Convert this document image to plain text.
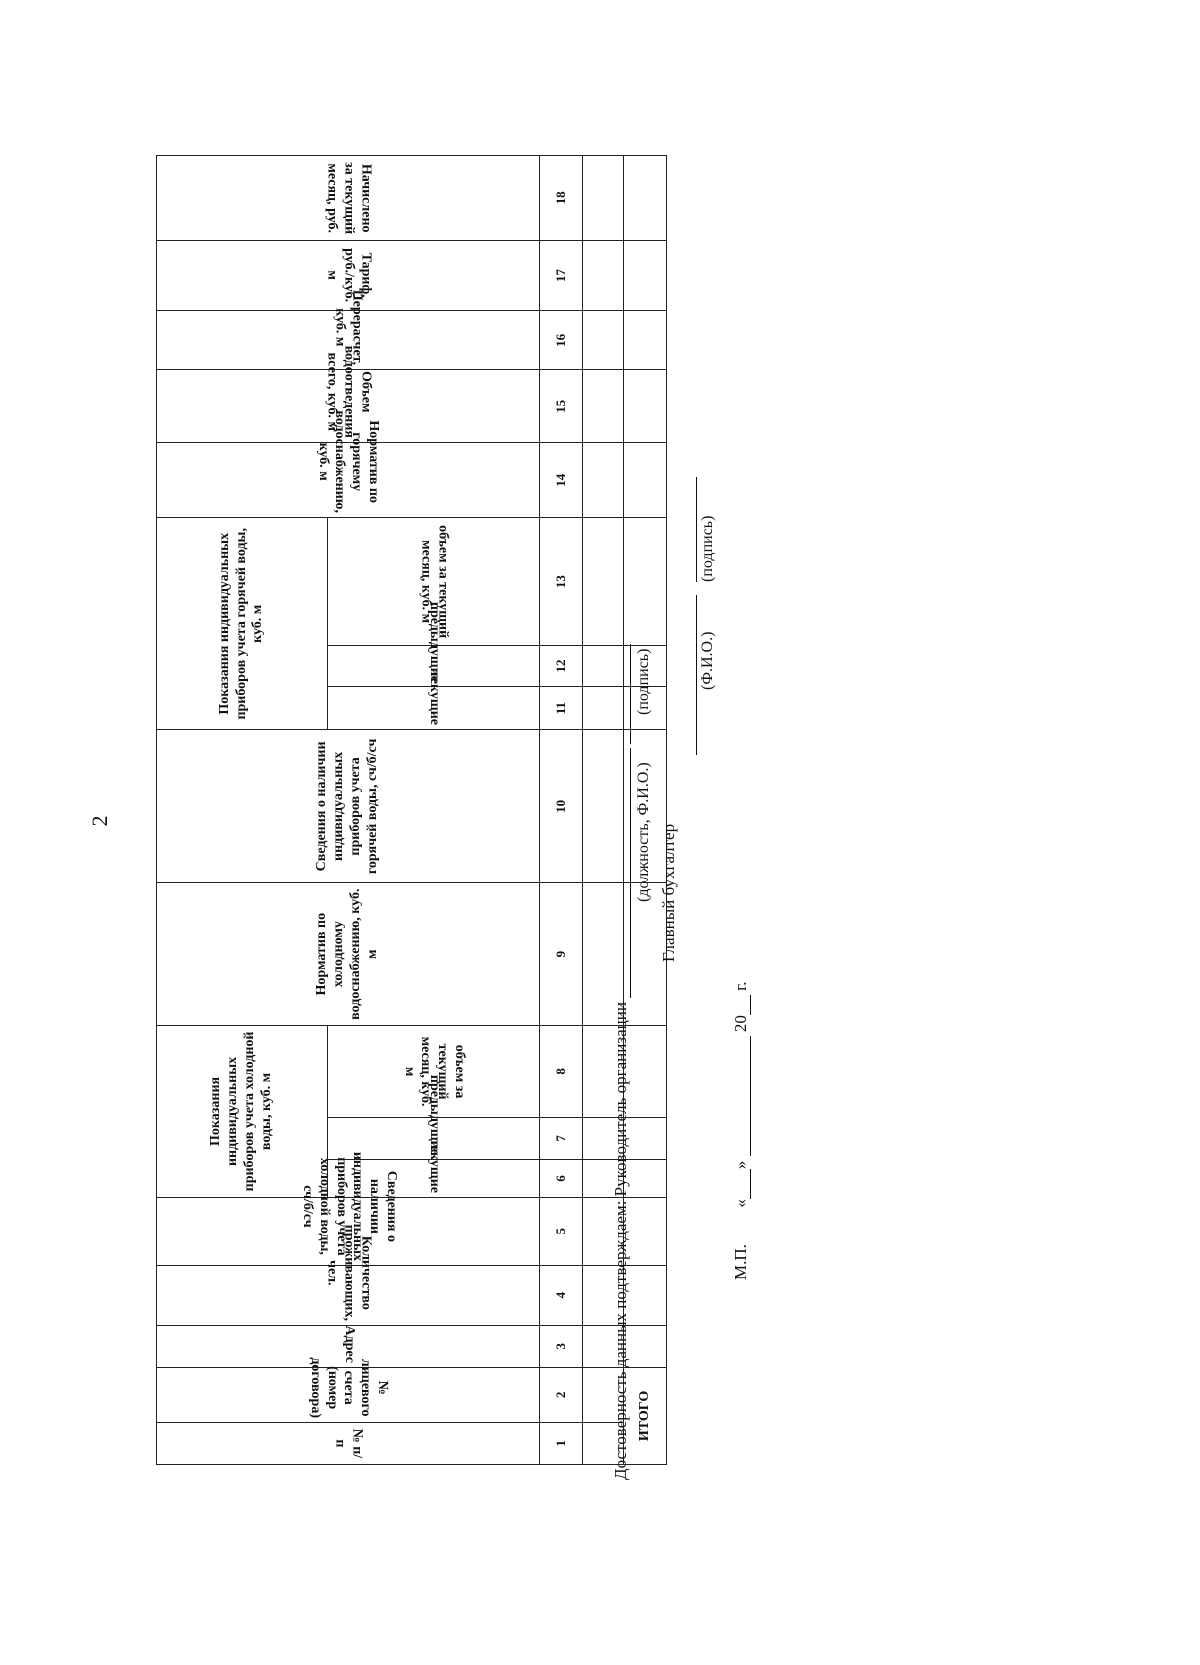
2
№ п/п	№ лицевого счета (номер договора)	Адрес	Количество проживающих, чел.	Сведения о наличии индивидуальных приборов учета холодной воды, сч/б/сч	Показания индивидуальных приборов учета холодной воды, куб. м			Норматив по холодному водоснабжению, куб. м	Сведения о наличии индивидуальных приборов учета горячей воды, сч/б/сч	Показания индивидуальных приборов учета горячей воды, куб. м			Норматив по горячему водоснабжению, куб. м	Объем водоотведения всего, куб. м	Перерасчет, куб. м	Тариф, руб./куб. м	Начислено за текущий месяц, руб.
					текущие	предыдущие	объем за текущий месяц, куб. м			текущие	предыдущие	объем за текущий месяц, куб. м					
1	2	3	4	5	6	7	8	9	10	11	12	13	14	15	16	17	18

ИТОГО																	
Достоверность данных подтверждаем: Руководитель организации
(должность, Ф.И.О.)
(подпись)
Главный бухгалтер
(Ф.И.О.)
(подпись)
М.П.  «»  20 г.
